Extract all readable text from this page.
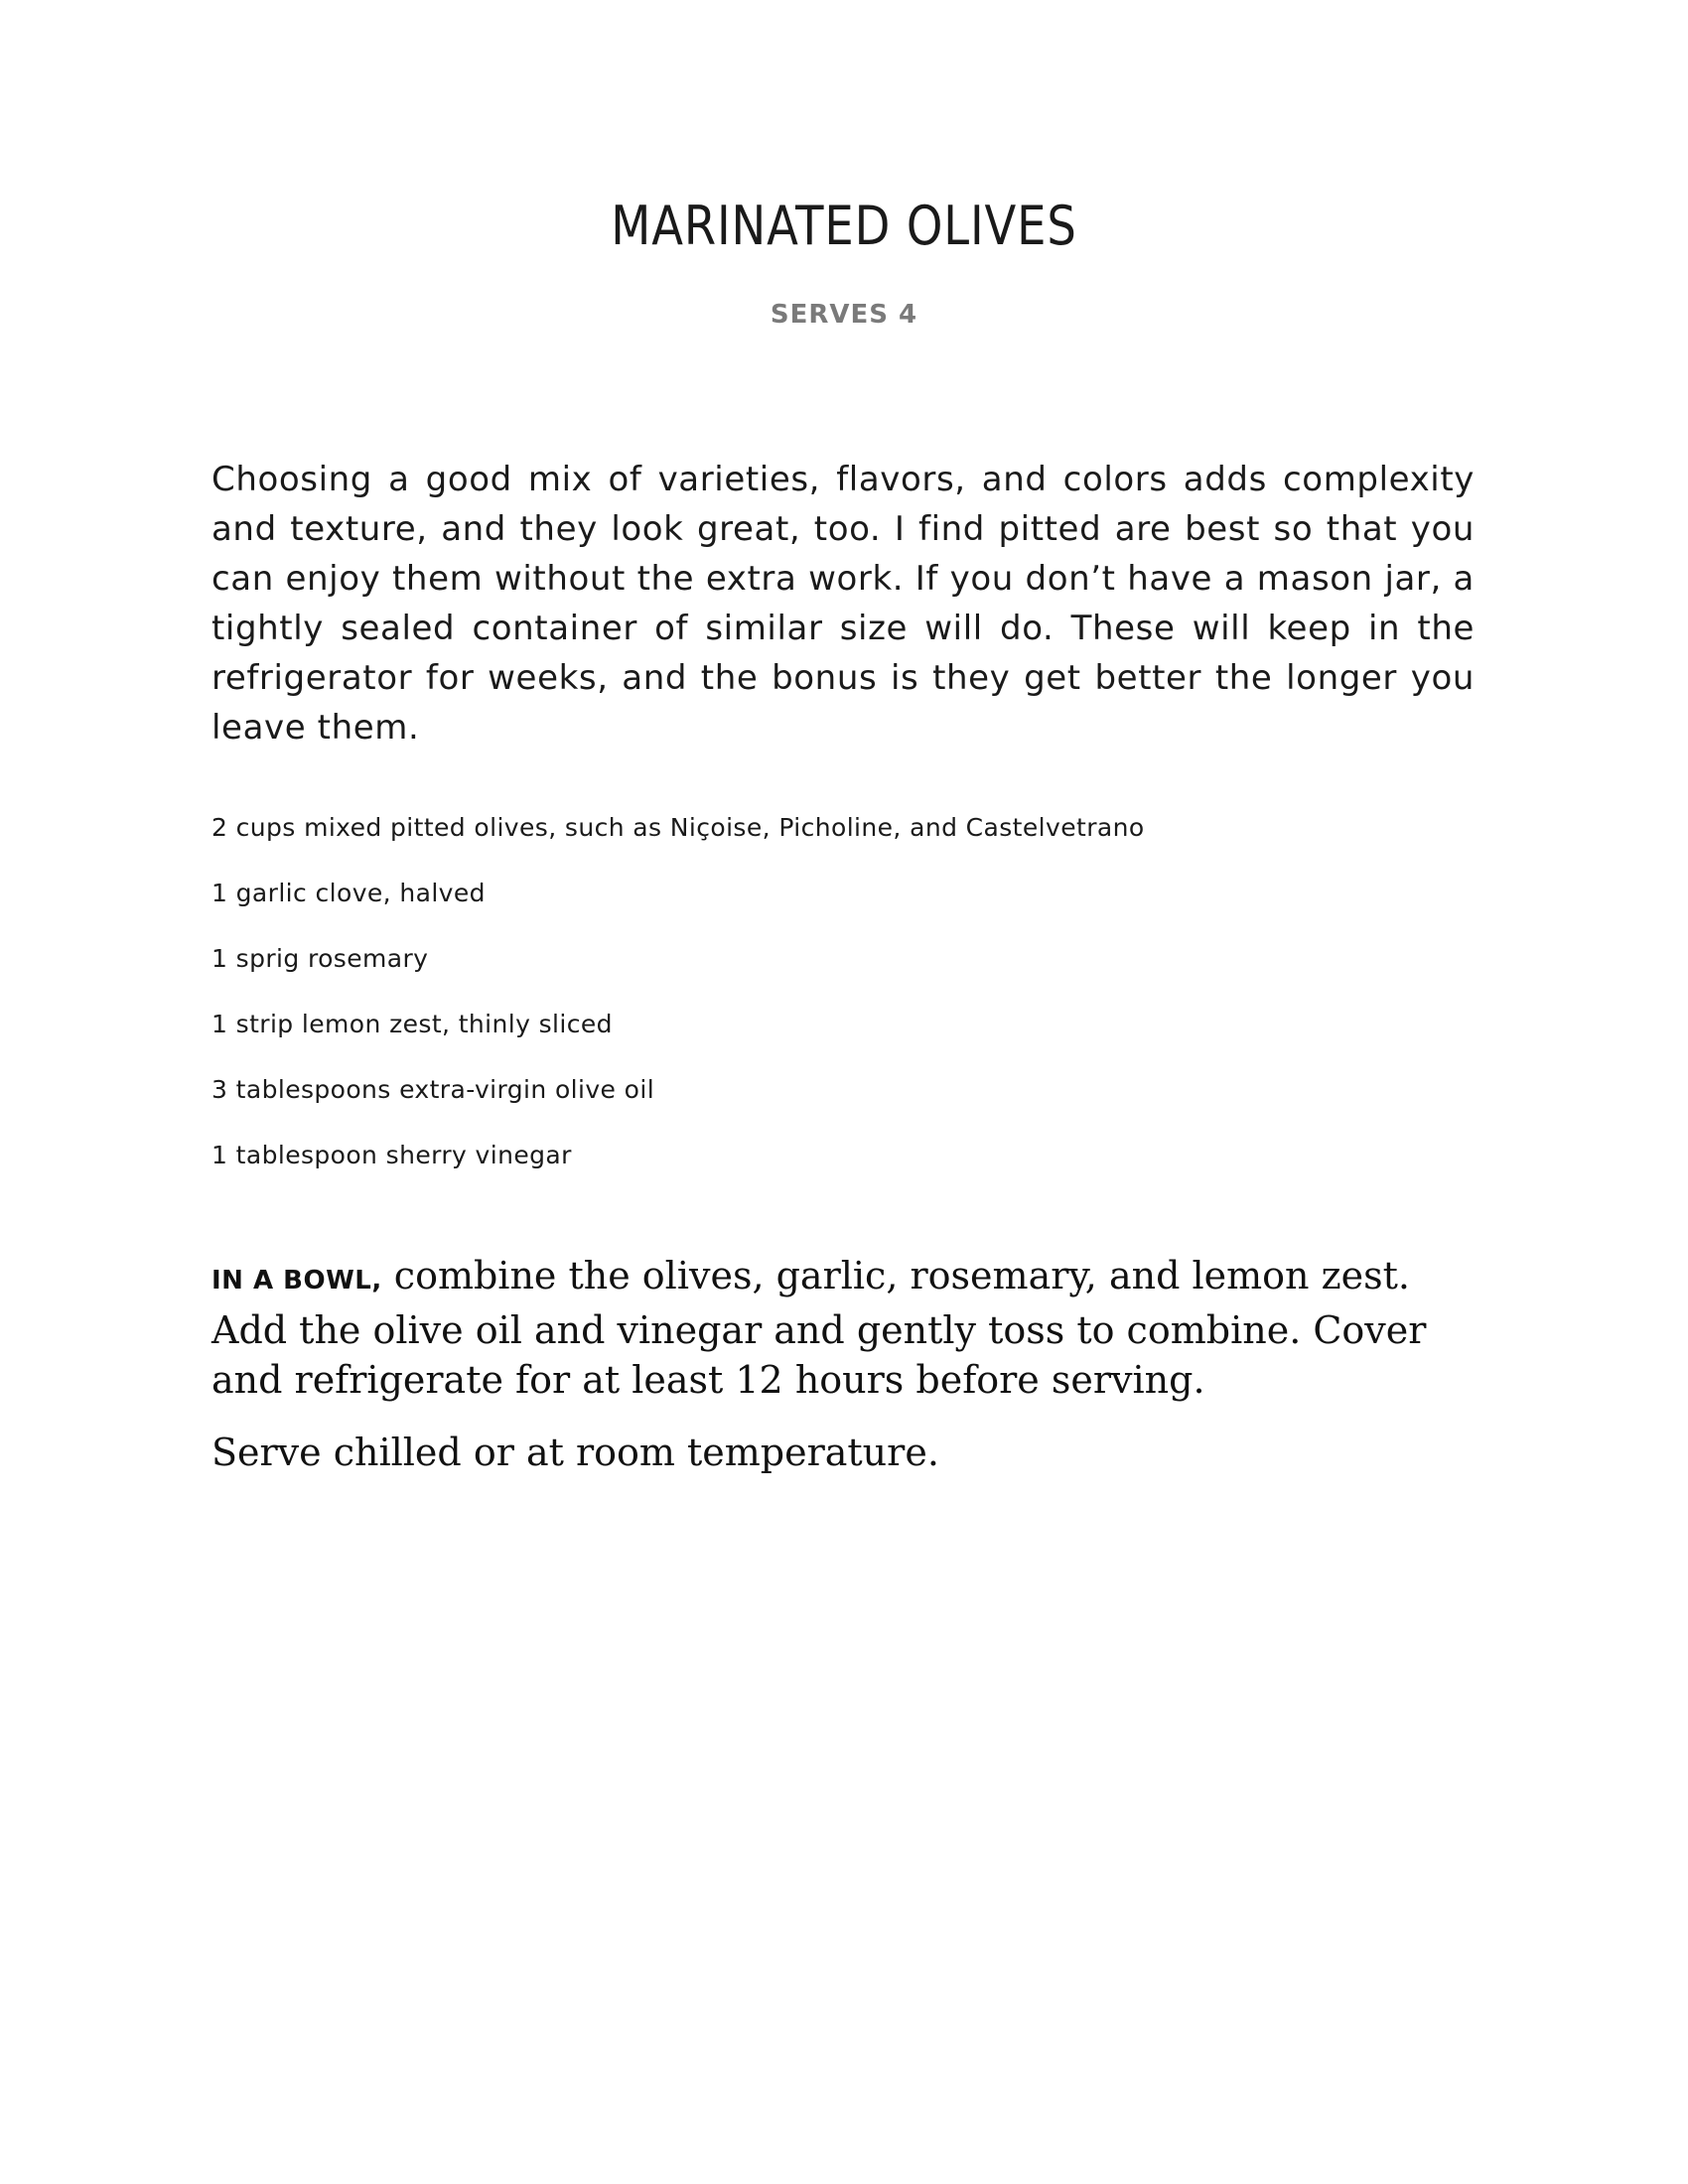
MARINATED OLIVES
SERVES 4

Choosing a good mix of varieties, flavors, and colors adds complexity and texture, and they look great, too. I find pitted are best so that you can enjoy them without the extra work. If you don’t have a mason jar, a tightly sealed container of similar size will do. These will keep in the refrigerator for weeks, and the bonus is they get better the longer you leave them.

2 cups mixed pitted olives, such as Niçoise, Picholine, and Castelvetrano
1 garlic clove, halved
1 sprig rosemary
1 strip lemon zest, thinly sliced
3 tablespoons extra-virgin olive oil
1 tablespoon sherry vinegar

IN A BOWL, combine the olives, garlic, rosemary, and lemon zest. Add the olive oil and vinegar and gently toss to combine. Cover and refrigerate for at least 12 hours before serving.

Serve chilled or at room temperature.
